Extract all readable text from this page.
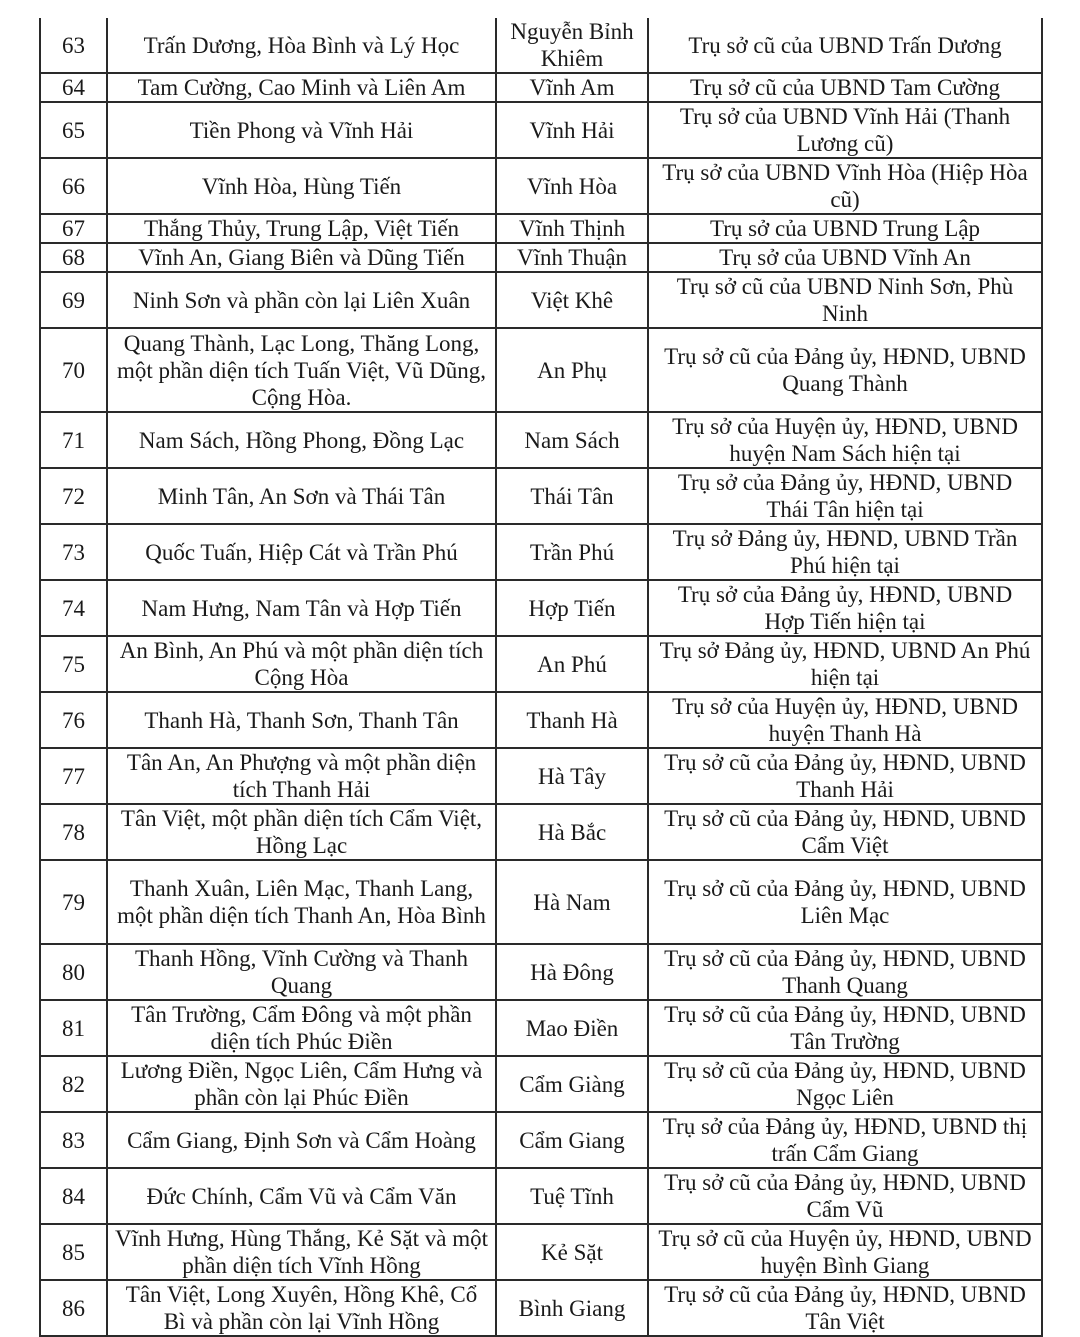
63	Trấn Dương, Hòa Bình và Lý Học	Nguyễn Bỉnh Khiêm	Trụ sở cũ của UBND Trấn Dương
64	Tam Cường, Cao Minh và Liên Am	Vĩnh Am	Trụ sở cũ của UBND Tam Cường
65	Tiền Phong và Vĩnh Hải	Vĩnh Hải	Trụ sở của UBND Vĩnh Hải (Thanh Lương cũ)
66	Vĩnh Hòa, Hùng Tiến	Vĩnh Hòa	Trụ sở của UBND Vĩnh Hòa (Hiệp Hòa cũ)
67	Thắng Thủy, Trung Lập, Việt Tiến	Vĩnh Thịnh	Trụ sở của UBND Trung Lập
68	Vĩnh An, Giang Biên và Dũng Tiến	Vĩnh Thuận	Trụ sở của UBND Vĩnh An
69	Ninh Sơn và phần còn lại Liên Xuân	Việt Khê	Trụ sở cũ của UBND Ninh Sơn, Phù Ninh
70	Quang Thành, Lạc Long, Thăng Long, một phần diện tích Tuấn Việt, Vũ Dũng, Cộng Hòa.	An Phụ	Trụ sở cũ của Đảng ủy, HĐND, UBND Quang Thành
71	Nam Sách, Hồng Phong, Đồng Lạc	Nam Sách	Trụ sở của Huyện ủy, HĐND, UBND huyện Nam Sách hiện tại
72	Minh Tân, An Sơn và Thái Tân	Thái Tân	Trụ sở của Đảng ủy, HĐND, UBND Thái Tân hiện tại
73	Quốc Tuấn, Hiệp Cát và Trần Phú	Trần Phú	Trụ sở Đảng ủy, HĐND, UBND Trần Phú hiện tại
74	Nam Hưng, Nam Tân và Hợp Tiến	Hợp Tiến	Trụ sở của Đảng ủy, HĐND, UBND Hợp Tiến hiện tại
75	An Bình, An Phú và một phần diện tích Cộng Hòa	An Phú	Trụ sở Đảng ủy, HĐND, UBND An Phú hiện tại
76	Thanh Hà, Thanh Sơn, Thanh Tân	Thanh Hà	Trụ sở của Huyện ủy, HĐND, UBND huyện Thanh Hà
77	Tân An, An Phượng và một phần diện tích Thanh Hải	Hà Tây	Trụ sở cũ của Đảng ủy, HĐND, UBND Thanh Hải
78	Tân Việt, một phần diện tích Cẩm Việt, Hồng Lạc	Hà Bắc	Trụ sở cũ của Đảng ủy, HĐND, UBND Cẩm Việt
79	Thanh Xuân, Liên Mạc, Thanh Lang, một phần diện tích Thanh An, Hòa Bình	Hà Nam	Trụ sở cũ của Đảng ủy, HĐND, UBND Liên Mạc
80	Thanh Hồng, Vĩnh Cường và Thanh Quang	Hà Đông	Trụ sở cũ của Đảng ủy, HĐND, UBND Thanh Quang
81	Tân Trường, Cẩm Đông và một phần diện tích Phúc Điền	Mao Điền	Trụ sở cũ của Đảng ủy, HĐND, UBND Tân Trường
82	Lương Điền, Ngọc Liên, Cẩm Hưng và phần còn lại Phúc Điền	Cẩm Giàng	Trụ sở cũ của Đảng ủy, HĐND, UBND Ngọc Liên
83	Cẩm Giang, Định Sơn và Cẩm Hoàng	Cẩm Giang	Trụ sở của Đảng ủy, HĐND, UBND thị trấn Cẩm Giang
84	Đức Chính, Cẩm Vũ và Cẩm Văn	Tuệ Tĩnh	Trụ sở cũ của Đảng ủy, HĐND, UBND Cẩm Vũ
85	Vĩnh Hưng, Hùng Thắng, Kẻ Sặt và một phần diện tích Vĩnh Hồng	Kẻ Sặt	Trụ sở cũ của Huyện ủy, HĐND, UBND huyện Bình Giang
86	Tân Việt, Long Xuyên, Hồng Khê, Cổ Bì và phần còn lại Vĩnh Hồng	Bình Giang	Trụ sở cũ của Đảng ủy, HĐND, UBND Tân Việt
